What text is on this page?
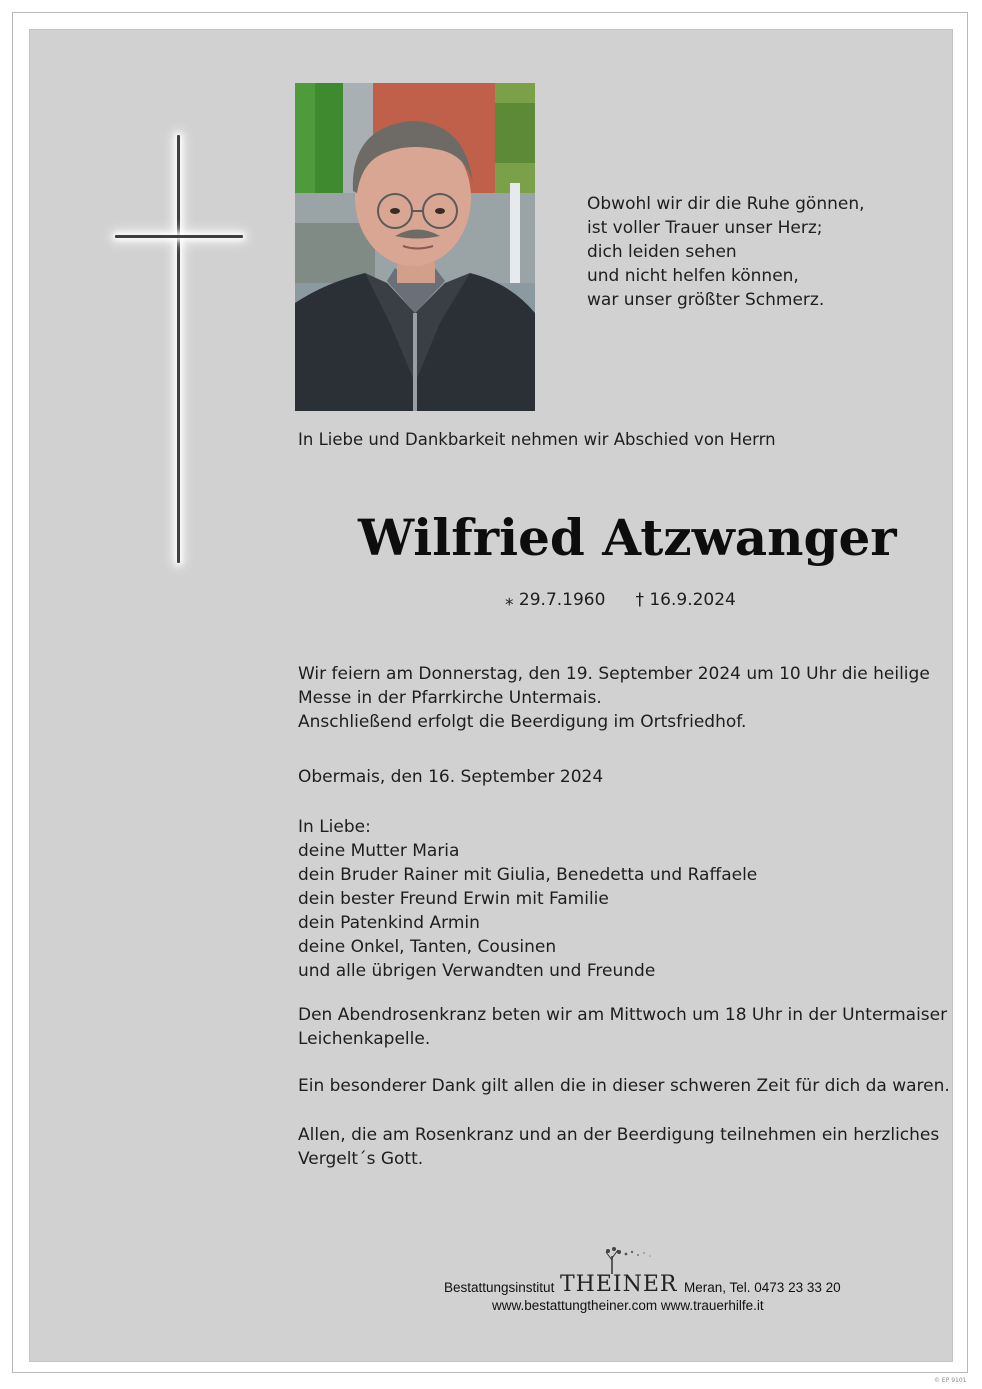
Obwohl wir dir die Ruhe gönnen,
ist voller Trauer unser Herz;
dich leiden sehen
und nicht helfen können,
war unser größter Schmerz.
In Liebe und Dankbarkeit nehmen wir Abschied von Herrn
Wilfried Atzwanger
⁎ 29.7.1960 † 16.9.2024
Wir feiern am Donnerstag, den 19. September 2024 um 10 Uhr die heilige
Messe in der Pfarrkirche Untermais.
Anschließend erfolgt die Beerdigung im Ortsfriedhof.
Obermais, den 16. September 2024
In Liebe:
deine Mutter Maria
dein Bruder Rainer mit Giulia, Benedetta und Raffaele
dein bester Freund Erwin mit Familie
dein Patenkind Armin
deine Onkel, Tanten, Cousinen
und alle übrigen Verwandten und Freunde
Den Abendrosenkranz beten wir am Mittwoch um 18 Uhr in der Untermaiser
Leichenkapelle.
Ein besonderer Dank gilt allen die in dieser schweren Zeit für dich da waren.
Allen, die am Rosenkranz und an der Beerdigung teilnehmen ein herzliches
Vergelt´s Gott.
Bestattungsinstitut THEINER Meran, Tel. 0473 23 33 20
www.bestattungtheiner.com www.trauerhilfe.it
© EP 9101
